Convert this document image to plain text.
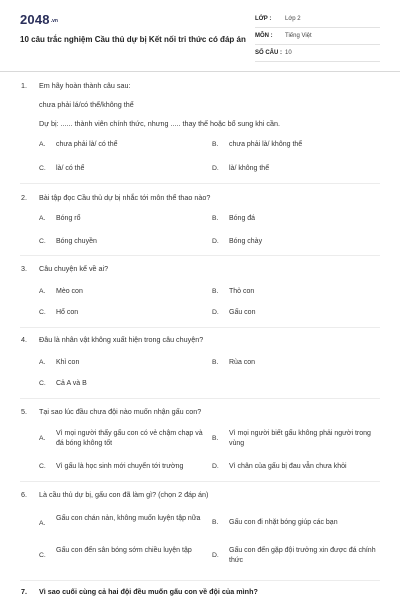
$2048^{.vn}$
10 câu trắc nghiệm Cầu thủ dự bị Kết nối tri thức có đáp án
LỚP : Lớp 2
MÔN : Tiếng Việt
SỐ CÂU : 10
1. Em hãy hoàn thành câu sau:
chưa phải lá/có thể/không thể
Dự bị: ...... thành viên chính thức, nhưng ..... thay thế hoặc bổ sung khi cần.
A. chưa phải là/ có thể	B. chưa phải là/ không thể
C. là/ có thể	D. là/ không thể
2. Bài tập đọc Cầu thủ dự bị nhắc tới môn thể thao nào?
A. Bóng rổ	B. Bóng đá
C. Bóng chuyền	D. Bóng chày
3. Câu chuyện kể về ai?
A. Mèo con	B. Thỏ con
C. Hổ con	D. Gấu con
4. Đâu là nhân vật không xuất hiện trong câu chuyện?
A. Khỉ con	B. Rùa con
C. Cả A và B
5. Tại sao lúc đầu chưa đội nào muốn nhận gấu con?
A.
Vì mọi người thấy gấu con có vẻ chậm chạp và đá bóng không tốt
B.
Vì mọi người biết gấu không phải người trong vùng
C. Vì gấu là học sinh mới chuyển tới trường	D. Vì chân của gấu bị đau vẫn chưa khỏi
6. Là cầu thủ dự bị, gấu con đã làm gì? (chọn 2 đáp án)
A.
Gấu con chán nản, không muốn luyện tập nữa
B. Gấu con đi nhặt bóng giúp các bạn
C.
Gấu con đến sân bóng sớm chiều luyện tập
D.
Gấu con đến gặp đội trưởng xin được đá chính thức
7. Vì sao cuối cùng cả hai đội đều muốn gấu con về đội của mình?
